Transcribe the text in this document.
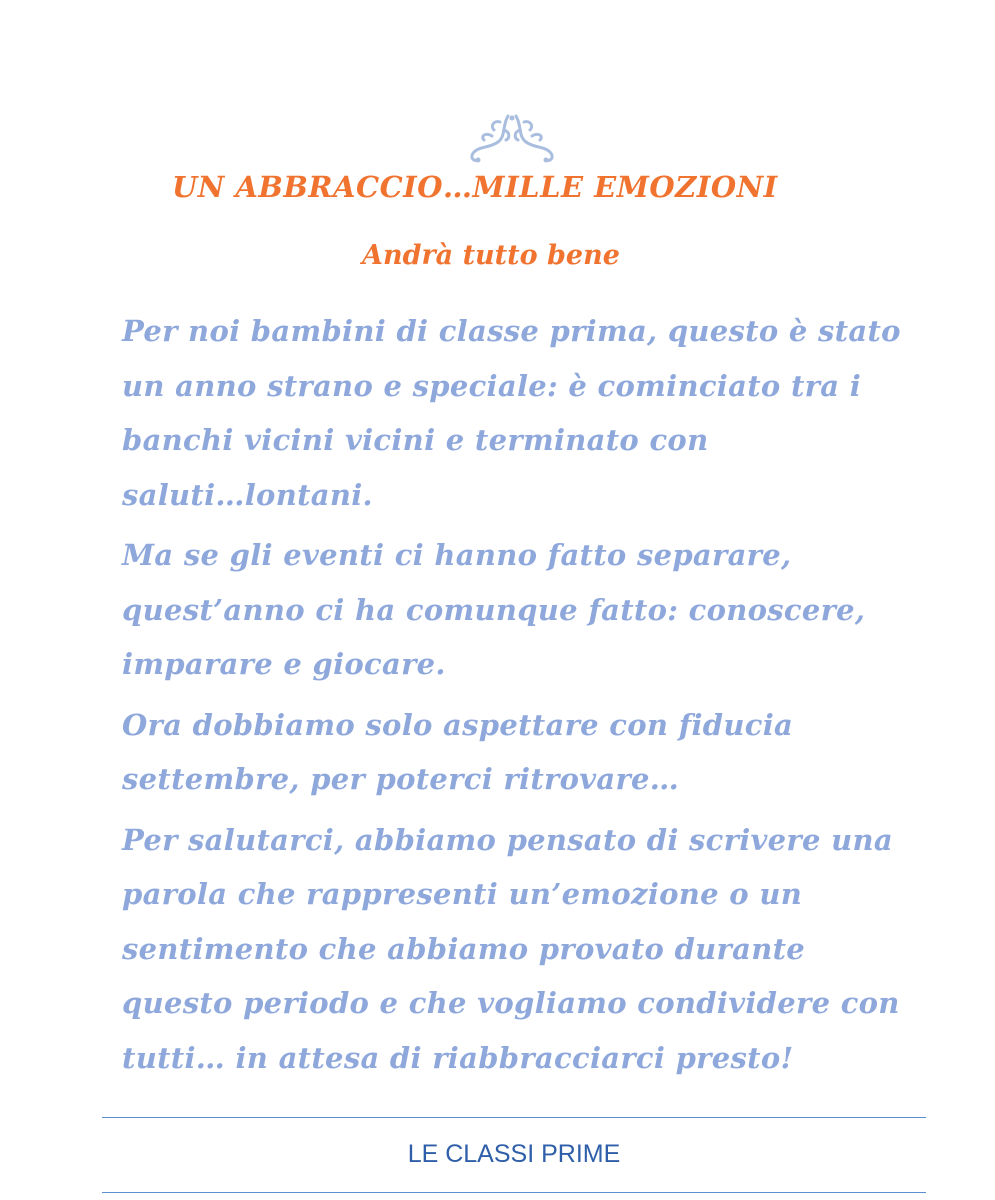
UN ABBRACCIO…MILLE EMOZIONI
Andrà tutto bene
Per noi bambini di classe prima, questo è stato
un anno strano e speciale: è cominciato tra i
banchi vicini vicini e terminato con
saluti…lontani.
Ma se gli eventi ci hanno fatto separare,
quest’anno ci ha comunque fatto: conoscere,
imparare e giocare.
Ora dobbiamo solo aspettare con fiducia
settembre, per poterci ritrovare…
Per salutarci, abbiamo pensato di scrivere una
parola che rappresenti un’emozione o un
sentimento che abbiamo provato durante
questo periodo e che vogliamo condividere con
tutti… in attesa di riabbracciarci presto!
LE CLASSI PRIME
